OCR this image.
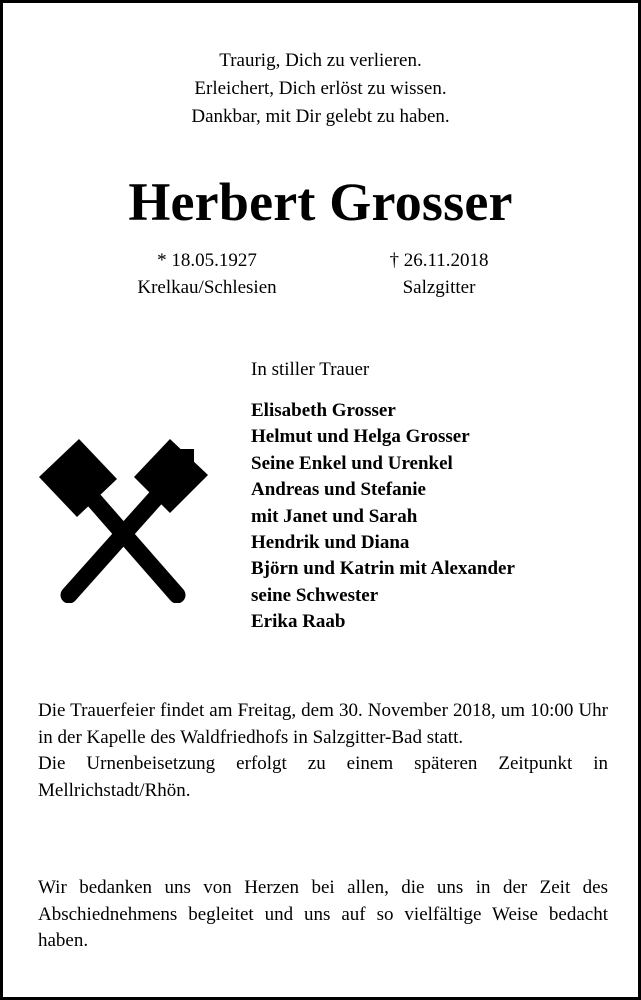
Traurig, Dich zu verlieren.
Erleichert, Dich erlöst zu wissen.
Dankbar, mit Dir gelebt zu haben.
Herbert Grosser
* 18.05.1927
Krelkau/Schlesien
† 26.11.2018
Salzgitter
In stiller Trauer
Elisabeth Grosser
Helmut und Helga Grosser
Seine Enkel und Urenkel
Andreas und Stefanie
mit Janet und Sarah
Hendrik und Diana
Björn und Katrin mit Alexander
seine Schwester
Erika Raab

Die Trauerfeier findet am Freitag, dem 30. November 2018, um 10:00 Uhr in der Kapelle des Waldfriedhofs in Salzgitter-Bad statt.

Die Urnenbeisetzung erfolgt zu einem späteren Zeitpunkt in Mellrichstadt/Rhön.

Wir bedanken uns von Herzen bei allen, die uns in der Zeit des Abschiednehmens begleitet und uns auf so vielfältige Weise bedacht haben.
